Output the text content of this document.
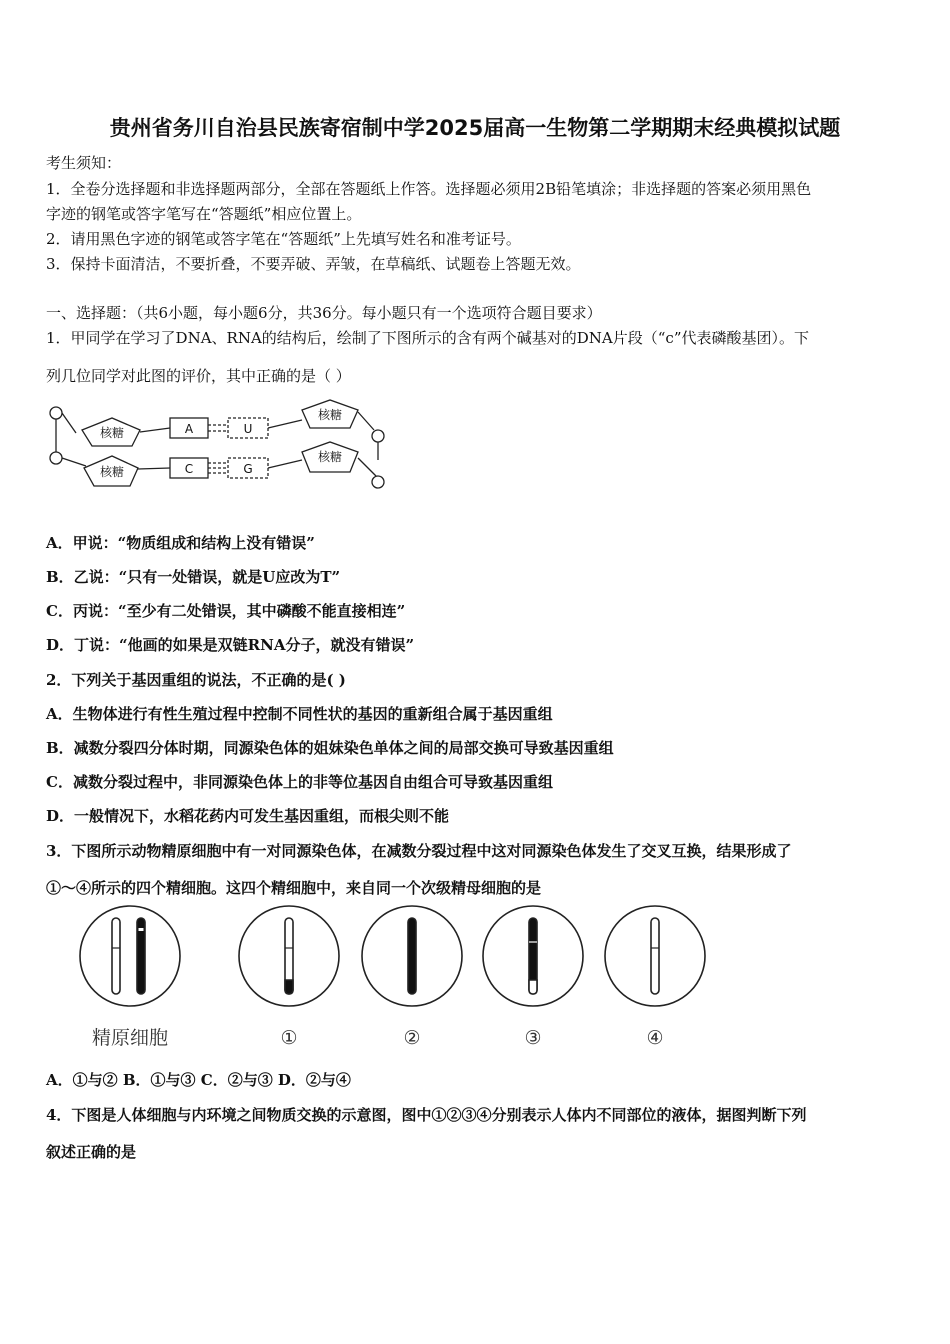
贵州省务川自治县民族寄宿制中学2025届高一生物第二学期期末经典模拟试题
考生须知：
1．全卷分选择题和非选择题两部分，全部在答题纸上作答。选择题必须用2B铅笔填涂；非选择题的答案必须用黑色
字迹的钢笔或答字笔写在“答题纸”相应位置上。
2．请用黑色字迹的钢笔或答字笔在“答题纸”上先填写姓名和准考证号。
3．保持卡面清洁，不要折叠，不要弄破、弄皱，在草稿纸、试题卷上答题无效。
一、选择题：（共6小题，每小题6分，共36分。每小题只有一个选项符合题目要求）
1．甲同学在学习了DNA、RNA的结构后，绘制了下图所示的含有两个碱基对的DNA片段（“c”代表磷酸基团）。下
列几位同学对此图的评价，其中正确的是（ ）
核糖
核糖
核糖
核糖
A	U
C	G
A．甲说：“物质组成和结构上没有错误”
B．乙说：“只有一处错误，就是U应改为T”
C．丙说：“至少有二处错误，其中磷酸不能直接相连”
D．丁说：“他画的如果是双链RNA分子，就没有错误”
2．下列关于基因重组的说法，不正确的是( )
A．生物体进行有性生殖过程中控制不同性状的基因的重新组合属于基因重组
B．减数分裂四分体时期，同源染色体的姐妹染色单体之间的局部交换可导致基因重组
C．减数分裂过程中，非同源染色体上的非等位基因自由组合可导致基因重组
D．一般情况下，水稻花药内可发生基因重组，而根尖则不能
3．下图所示动物精原细胞中有一对同源染色体，在减数分裂过程中这对同源染色体发生了交叉互换，结果形成了
①～④所示的四个精细胞。这四个精细胞中，来自同一个次级精母细胞的是
精原细胞	①	②	③	④
A．①与② B．①与③ C．②与③ D．②与④
4．下图是人体细胞与内环境之间物质交换的示意图，图中①②③④分别表示人体内不同部位的液体，据图判断下列
叙述正确的是
